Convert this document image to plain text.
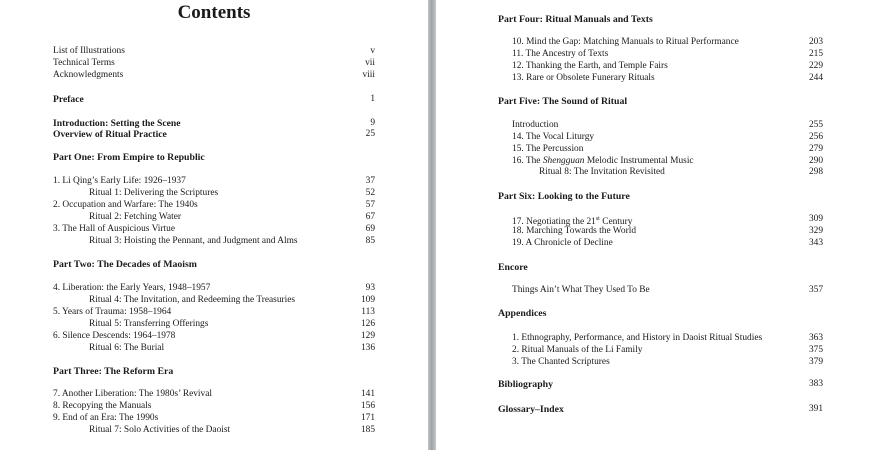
Contents
List of Illustrations	v
Technical Terms	vii
Acknowledgments	viii
Preface	1
Introduction: Setting the Scene	9
Overview of Ritual Practice	25
Part One: From Empire to Republic
1. Li Qing’s Early Life: 1926–1937	37
Ritual 1: Delivering the Scriptures	52
2. Occupation and Warfare: The 1940s	57
Ritual 2: Fetching Water	67
3. The Hall of Auspicious Virtue	69
Ritual 3: Hoisting the Pennant, and Judgment and Alms	85
Part Two: The Decades of Maoism
4. Liberation: the Early Years, 1948–1957	93
Ritual 4: The Invitation, and Redeeming the Treasuries	109
5. Years of Trauma: 1958–1964	113
Ritual 5: Transferring Offerings	126
6. Silence Descends: 1964–1978	129
Ritual 6: The Burial	136
Part Three: The Reform Era
7. Another Liberation: The 1980s’ Revival	141
8. Recopying the Manuals	156
9. End of an Era: The 1990s	171
Ritual 7: Solo Activities of the Daoist	185
Part Four: Ritual Manuals and Texts
10. Mind the Gap: Matching Manuals to Ritual Performance	203
11. The Ancestry of Texts	215
12. Thanking the Earth, and Temple Fairs	229
13. Rare or Obsolete Funerary Rituals	244
Part Five: The Sound of Ritual
Introduction	255
14. The Vocal Liturgy	256
15. The Percussion	279
16. The Shengguan Melodic Instrumental Music	290
Ritual 8: The Invitation Revisited	298
Part Six: Looking to the Future
17. Negotiating the 21st Century	309
18. Marching Towards the World	329
19. A Chronicle of Decline	343
Encore
Things Ain’t What They Used To Be	357
Appendices
1. Ethnography, Performance, and History in Daoist Ritual Studies	363
2. Ritual Manuals of the Li Family	375
3. The Chanted Scriptures	379
Bibliography	383
Glossary–Index	391
